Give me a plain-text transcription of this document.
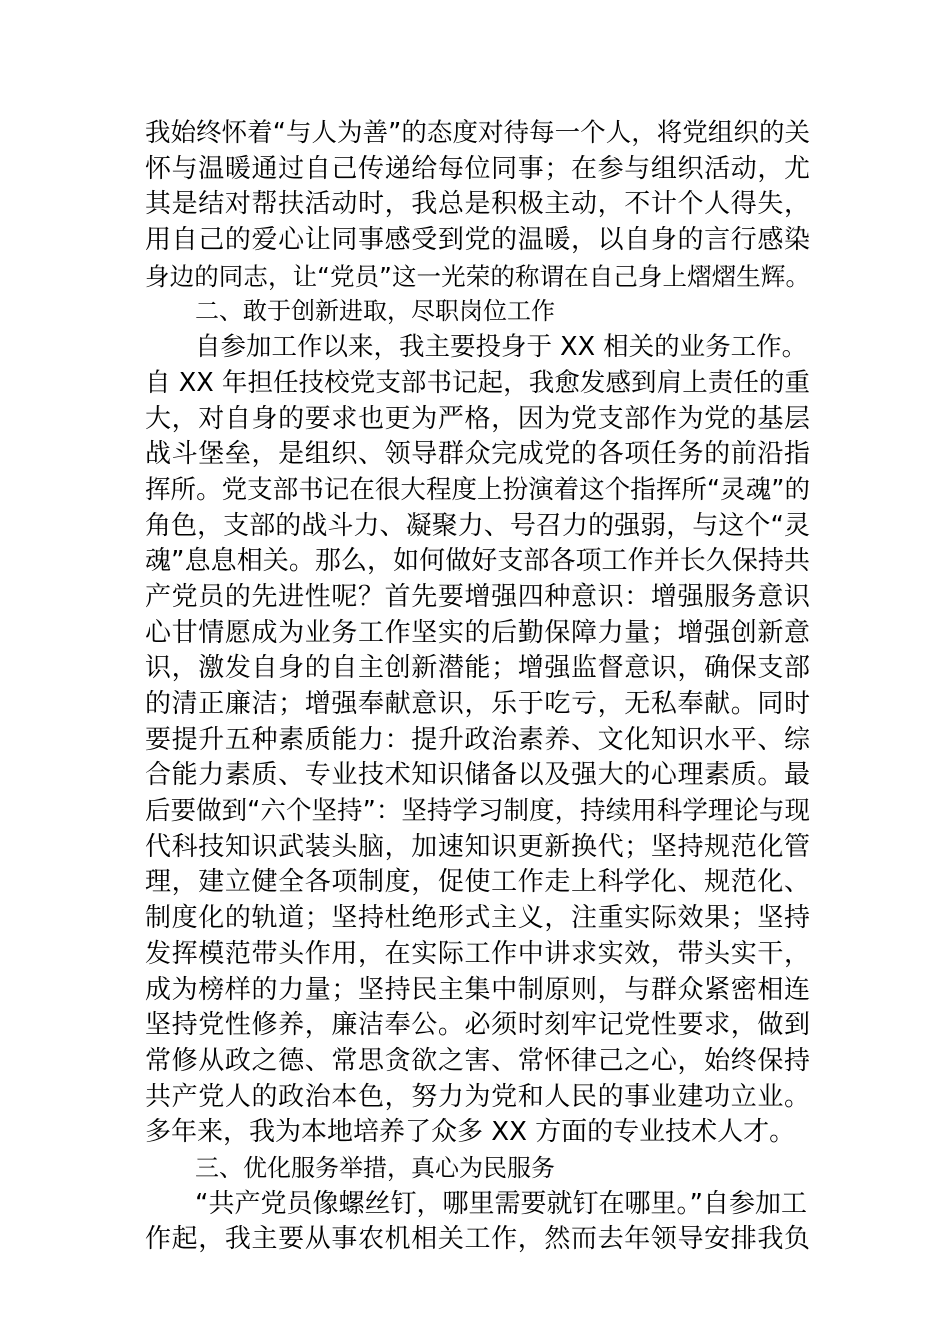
我始终怀着“与人为善”的态度对待每一个人，将党组织的关
怀与温暖通过自己传递给每位同事；在参与组织活动，尤
其是结对帮扶活动时，我总是积极主动，不计个人得失，
用自己的爱心让同事感受到党的温暖，以自身的言行感染
身边的同志，让“党员”这一光荣的称谓在自己身上熠熠生辉。
二、敢于创新进取，尽职岗位工作
自参加工作以来，我主要投身于 XX 相关的业务工作。
自 XX 年担任技校党支部书记起，我愈发感到肩上责任的重
大，对自身的要求也更为严格，因为党支部作为党的基层
战斗堡垒，是组织、领导群众完成党的各项任务的前沿指
挥所。党支部书记在很大程度上扮演着这个指挥所“灵魂”的
角色，支部的战斗力、凝聚力、号召力的强弱，与这个“灵
魂”息息相关。那么，如何做好支部各项工作并长久保持共
产党员的先进性呢？首先要增强四种意识：增强服务意识
心甘情愿成为业务工作坚实的后勤保障力量；增强创新意
识，激发自身的自主创新潜能；增强监督意识，确保支部
的清正廉洁；增强奉献意识，乐于吃亏，无私奉献。同时
要提升五种素质能力：提升政治素养、文化知识水平、综
合能力素质、专业技术知识储备以及强大的心理素质。最
后要做到“六个坚持”：坚持学习制度，持续用科学理论与现
代科技知识武装头脑，加速知识更新换代；坚持规范化管
理，建立健全各项制度，促使工作走上科学化、规范化、
制度化的轨道；坚持杜绝形式主义，注重实际效果；坚持
发挥模范带头作用，在实际工作中讲求实效，带头实干，
成为榜样的力量；坚持民主集中制原则，与群众紧密相连
坚持党性修养，廉洁奉公。必须时刻牢记党性要求，做到
常修从政之德、常思贪欲之害、常怀律己之心，始终保持
共产党人的政治本色，努力为党和人民的事业建功立业。
多年来，我为本地培养了众多 XX 方面的专业技术人才。
三、优化服务举措，真心为民服务
“共产党员像螺丝钉，哪里需要就钉在哪里。”自参加工
作起，我主要从事农机相关工作，然而去年领导安排我负
